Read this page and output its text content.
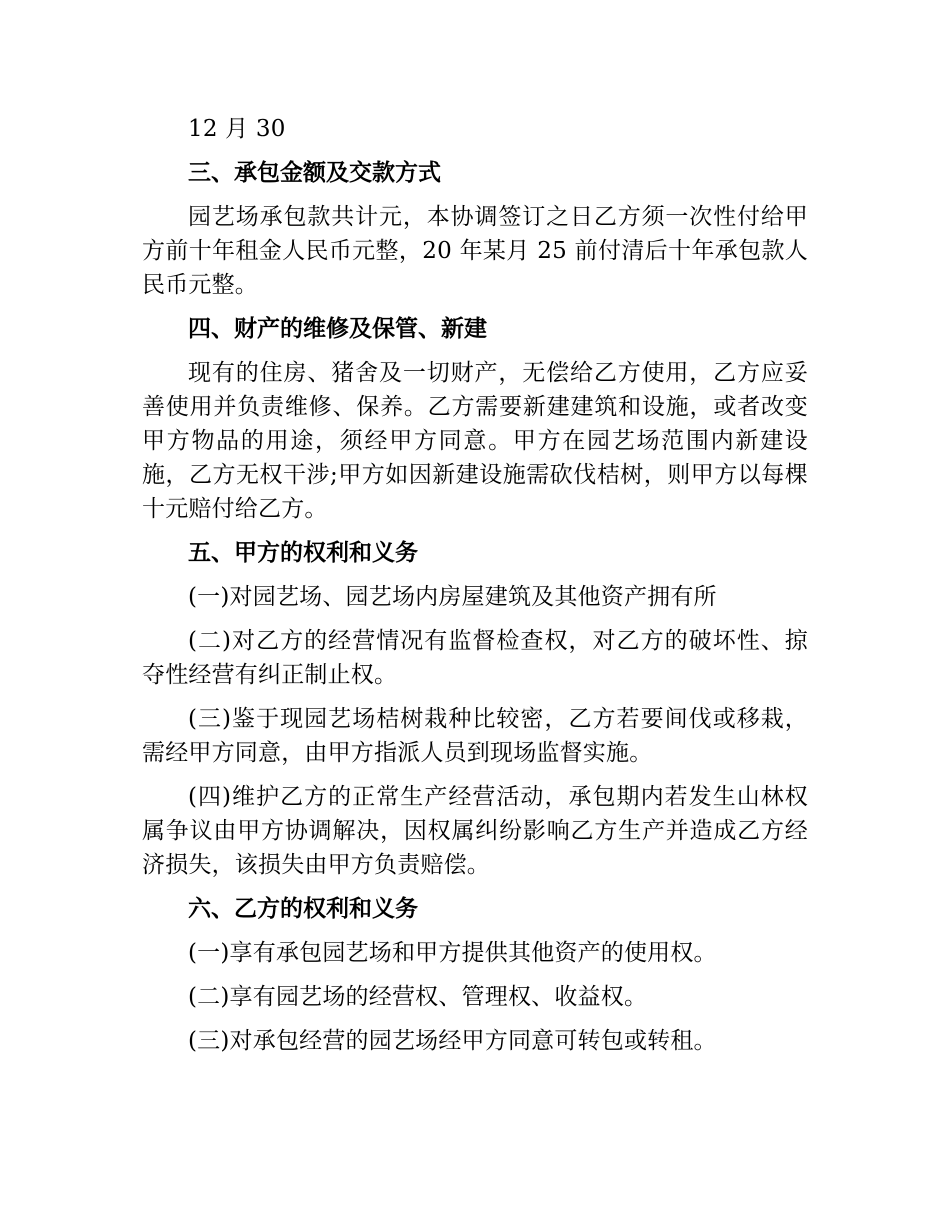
12 月 30

三、承包金额及交款方式

园艺场承包款共计元，本协调签订之日乙方须一次性付给甲方前十年租金人民币元整，20 年某月 25 前付清后十年承包款人民币元整。

四、财产的维修及保管、新建

现有的住房、猪舍及一切财产，无偿给乙方使用，乙方应妥善使用并负责维修、保养。乙方需要新建建筑和设施，或者改变甲方物品的用途，须经甲方同意。甲方在园艺场范围内新建设施，乙方无权干涉;甲方如因新建设施需砍伐桔树，则甲方以每棵十元赔付给乙方。

五、甲方的权利和义务

(一)对园艺场、园艺场内房屋建筑及其他资产拥有所

(二)对乙方的经营情况有监督检查权，对乙方的破坏性、掠夺性经营有纠正制止权。

(三)鉴于现园艺场桔树栽种比较密，乙方若要间伐或移栽，需经甲方同意，由甲方指派人员到现场监督实施。

(四)维护乙方的正常生产经营活动，承包期内若发生山林权属争议由甲方协调解决，因权属纠纷影响乙方生产并造成乙方经济损失，该损失由甲方负责赔偿。

六、乙方的权利和义务

(一)享有承包园艺场和甲方提供其他资产的使用权。

(二)享有园艺场的经营权、管理权、收益权。

(三)对承包经营的园艺场经甲方同意可转包或转租。
